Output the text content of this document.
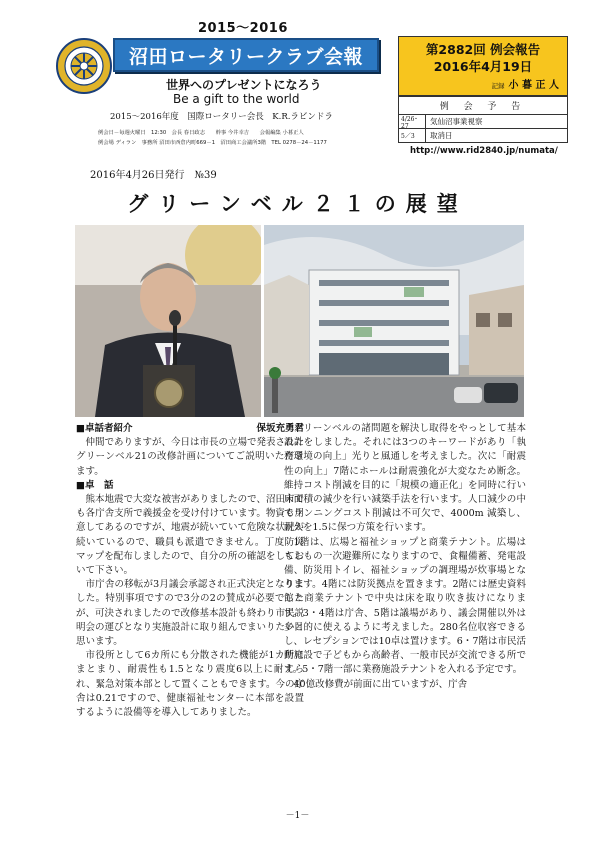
2015～2016
沼田ロータリークラブ会報
世界へのプレゼントになろう
Be a gift to the world
2015～2016年度　国際ロータリー会長　K.R.ラビンドラ
例会日－毎週火曜日　12:30　会長 春日政志　　幹事 今井幸吉　　会報編集 小暮正人
例会場 ディラン　事務所 沼田市西倉内町669－1　沼田商工会議所3階　TEL 0278－24－1177
第2882回 例会報告
2016年4月19日
記録 小 暮 正 人
例 会 予 告
4/26･27	気仙沼事業視察
5／3	取消日
http://www.rid2840.jp/numata/
2016年4月26日発行　№39
グリーンベル２１の展望
■卓話者紹介	保坂充勇君

仲間でありますが、今日は市長の立場で発表されたグリーンベル21の改修計画についてご説明いただきます。

■卓　話

熊本地震で大変な被害がありましたので、沼田市でも各庁舎支所で義援金を受け付けています。物資も用意してあるのですが、地震が続いていて危険な状況が続いているので、職員も派遣できません。丁度防災マップを配布しましたので、自分の所の確認をしておいて下さい。

市庁舎の移転が3月議会承認され正式決定となりました。特別事項ですので3分の2の賛成が必要でしたが、可決されましたので改修基本設計も終わり市民説明会の運びとなり実施設計に取り組んでまいりたいと思います。

市役所として6カ所にも分散された機能が1カ所にまとまり、耐震性も1.5となり震度6以上に耐えられ、緊急対策本部として置くこともできます。今の庁舎は0.21ですので、健康福祉センターに本部を設置するように設備等を導入してありました。

グリーンベルの諸問題を解決し取得をやっとして基本設計をしました。それには3つのキーワードがあり「執務環境の向上」光りと風通しを考えました。次に「耐震性の向上」7階にホールは耐震強化が大変なため断念。維持コスト削減を目的に「規模の適正化」を同時に行い床面積の減少を行い減築手法を行います。人口減少の中でランニングコスト削減は不可欠で、4000m 減築し、耐久を1.5に保つ方策を行います。

1階は、広場と福祉ショップと商業テナント。広場はもしもの一次避難所になりますので、食糧備蓄、発電設備、防災用トイレ、福祉ショップの調理場が炊事場となります。4階には防災拠点を置きます。2階には歴史資料館と商業テナントで中央は床を取り吹き抜けになります。3・4階は庁舎、5階は議場があり、議会開催以外は多目的に使えるように考えました。280名位収容できるし、レセプションでは10卓は置けます。6・7階は市民活動施設で子どもから高齢者、一般市民が交流できる所です。5・7階一部に業務施設テナントを入れる予定です。

40億改修費が前面に出ていますが、庁舎

－1－
